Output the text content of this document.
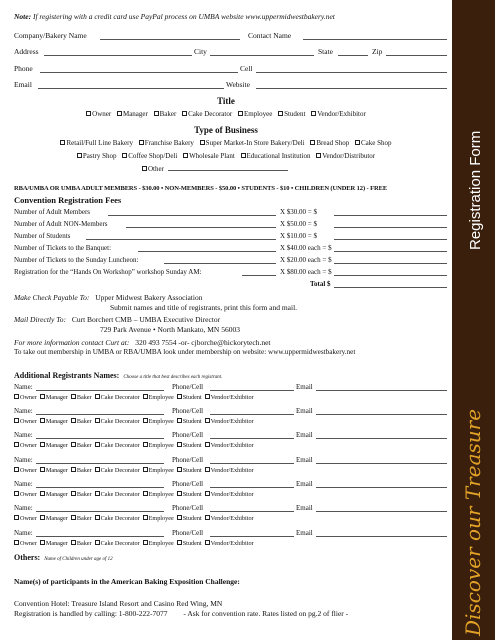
Note: If registering with a credit card use PayPal process on UMBA website www.uppermidwestbakery.net
Company/Bakery Name	Contact Name
Address	City	State	Zip
Phone	Cell
Email	Website
Title
Owner Manager Baker Cake Decorator Employee Student Vendor/Exhibitor
Type of Business
Retail/Full Line Bakery Franchise Bakery Super Market-In Store Bakery/Deli Bread Shop Cake Shop
Pastry Shop Coffee Shop/Deli Wholesale Plant Educational Institution Vendor/Distributor
Other
RBA/UMBA OR UMBA ADULT MEMBERS - $30.00 • NON-MEMBERS - $50.00 • STUDENTS - $10 • CHILDREN (UNDER 12) - FREE
Convention Registration Fees
Number of Adult Members	X $30.00 = $
Number of Adult NON-Members	X $50.00 = $
Number of Students	X $10.00 = $
Number of Tickets to the Banquet:	X $40.00 each = $
Number of Tickets to the Sunday Luncheon:	X $20.00 each = $
Registration for the “Hands On Workshop” workshop Sunday AM:	X $80.00 each = $
Total $
Make Check Payable To: Upper Midwest Bakery Association
Submit names and title of registrants, print this form and mail.
Mail Directly To: Curt Borchert CMB – UMBA Executive Director
729 Park Avenue • North Mankato, MN 56003
For more information contact Curt at: 320 493 7554 -or- cjborche@hickorytech.net
To take out membership in UMBA or RBA/UMBA look under membership on website: www.uppermidwestbakery.net
Additional Registrants Names: Choose a title that best describes each registrant.
Name:	Phone/Cell	Email
Owner Manager Baker Cake Decorator Employee Student Vendor/Exhibitor
Name:	Phone/Cell	Email
Owner Manager Baker Cake Decorator Employee Student Vendor/Exhibitor
Name:	Phone/Cell	Email
Owner Manager Baker Cake Decorator Employee Student Vendor/Exhibitor
Name:	Phone/Cell	Email
Owner Manager Baker Cake Decorator Employee Student Vendor/Exhibitor
Name:	Phone/Cell	Email
Owner Manager Baker Cake Decorator Employee Student Vendor/Exhibitor
Name:	Phone/Cell	Email
Owner Manager Baker Cake Decorator Employee Student Vendor/Exhibitor
Name:	Phone/Cell	Email
Owner Manager Baker Cake Decorator Employee Student Vendor/Exhibitor
Others: Name of Children under age of 12
Name(s) of participants in the American Baking Exposition Challenge:
Convention Hotel: Treasure Island Resort and Casino Red Wing, MN
Registration is handled by calling: 1-800-222-7077 - Ask for convention rate. Rates listed on pg.2 of flier -
Registration Form
Discover our Treasure
